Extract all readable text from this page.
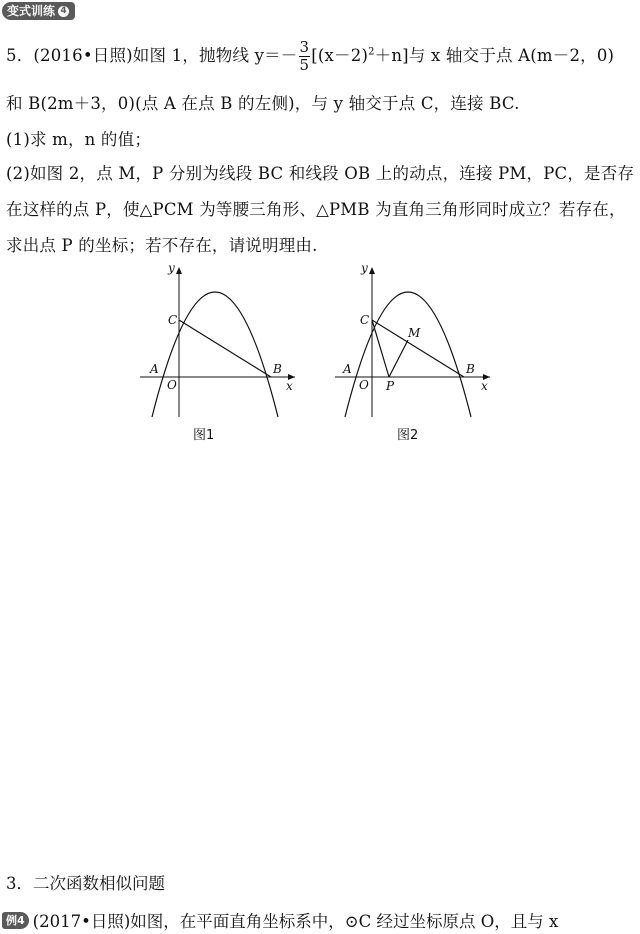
变式训练 4
5．(2016•日照)如图 1，抛物线 $y=- \frac{3}{5} [(x-2)^2+n]$与 x 轴交于点 A(m－2，0)
和 B(2m＋3，0)(点 A 在点 B 的左侧)，与 y 轴交于点 C，连接 BC.
(1)求 m，n 的值；
(2)如图 2，点 M，P 分别为线段 BC 和线段 OB 上的动点，连接 PM，PC，是否存
在这样的点 P，使△PCM 为等腰三角形、△PMB 为直角三角形同时成立？若存在，
求出点 P 的坐标；若不存在，请说明理由.
y
x
C
A
O
B
图1
y
x
C
A
O
B
M
P
图2
3．二次函数相似问题
例4 (2017•日照)如图，在平面直角坐标系中，⊙C 经过坐标原点 O，且与 x
